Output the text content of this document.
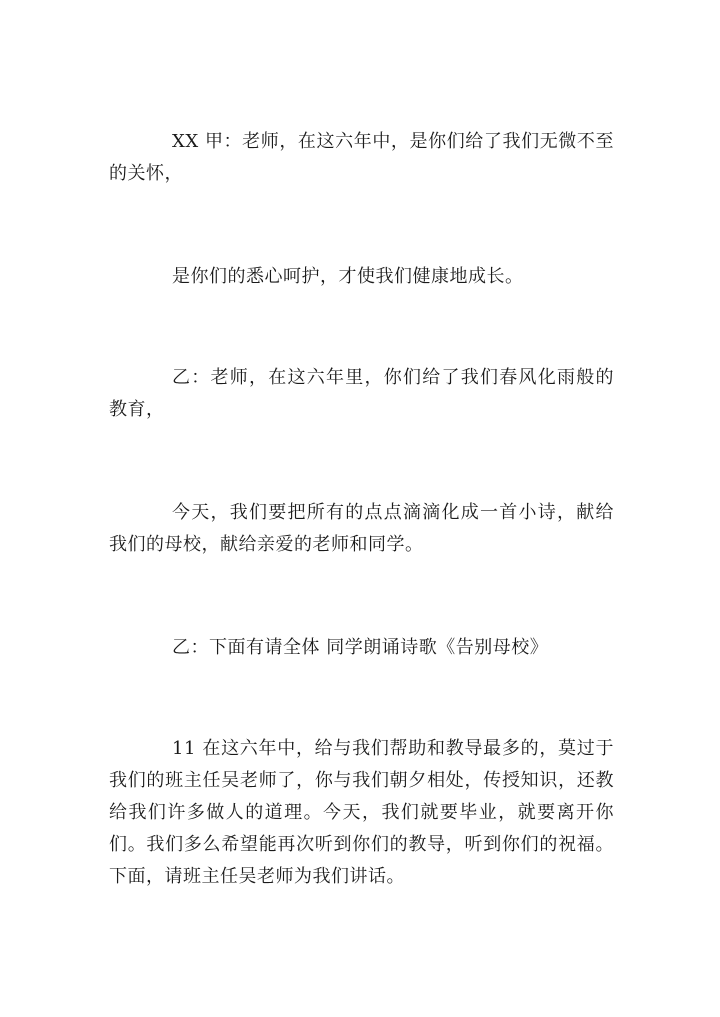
XX 甲：老师，在这六年中，是你们给了我们无微不至的关怀，

是你们的悉心呵护，才使我们健康地成长。

乙：老师，在这六年里，你们给了我们春风化雨般的教育，

今天，我们要把所有的点点滴滴化成一首小诗，献给我们的母校，献给亲爱的老师和同学。

乙：下面有请全体 同学朗诵诗歌《告别母校》

11 在这六年中，给与我们帮助和教导最多的，莫过于我们的班主任吴老师了，你与我们朝夕相处，传授知识，还教给我们许多做人的道理。今天，我们就要毕业，就要离开你们。我们多么希望能再次听到你们的教导，听到你们的祝福。下面，请班主任吴老师为我们讲话。
